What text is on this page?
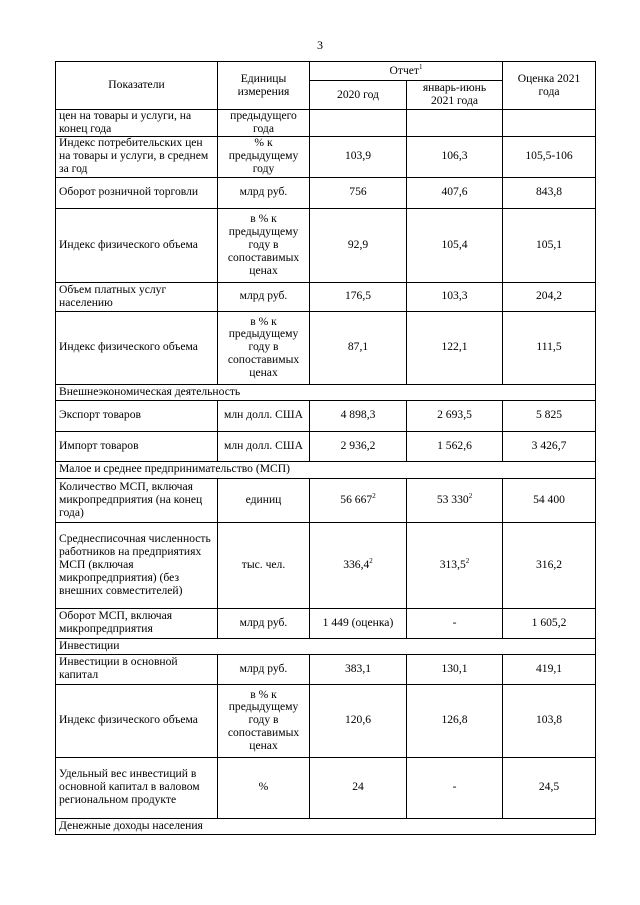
3
Показатели	Единицы измерения	Отчет$^1$		Оценка 2021 года
		2020 год	январь-июнь 2021 года	
цен на товары и услуги, на конец года	предыдущего года			
Индекс потребительских цен на товары и услуги, в среднем за год	% к предыдущему году	103,9	106,3	105,5-106
Оборот розничной торговли	млрд руб.	756	407,6	843,8
Индекс физического объема	в % к предыдущему году в сопоставимых ценах	92,9	105,4	105,1
Объем платных услуг населению	млрд руб.	176,5	103,3	204,2
Индекс физического объема	в % к предыдущему году в сопоставимых ценах	87,1	122,1	111,5
Внешнеэкономическая деятельность				
Экспорт товаров	млн долл. США	4 898,3	2 693,5	5 825
Импорт товаров	млн долл. США	2 936,2	1 562,6	3 426,7
Малое и среднее предпринимательство (МСП)				
Количество МСП, включая микропредприятия (на конец года)	единиц	56 $667^2$	53 $330^2$	54 400
Среднесписочная численность работников на предприятиях МСП (включая микропредприятия) (без внешних совместителей)	тыс. чел.	336,4$^2$	313,5$^2$	316,2
Оборот МСП, включая микропредприятия	млрд руб.	1 449 (оценка)	-	1 605,2
Инвестиции				
Инвестиции в основной капитал	млрд руб.	383,1	130,1	419,1
Индекс физического объема	в % к предыдущему году в сопоставимых ценах	120,6	126,8	103,8
Удельный вес инвестиций в основной капитал в валовом региональном продукте	%	24	-	24,5
Денежные доходы населения				
